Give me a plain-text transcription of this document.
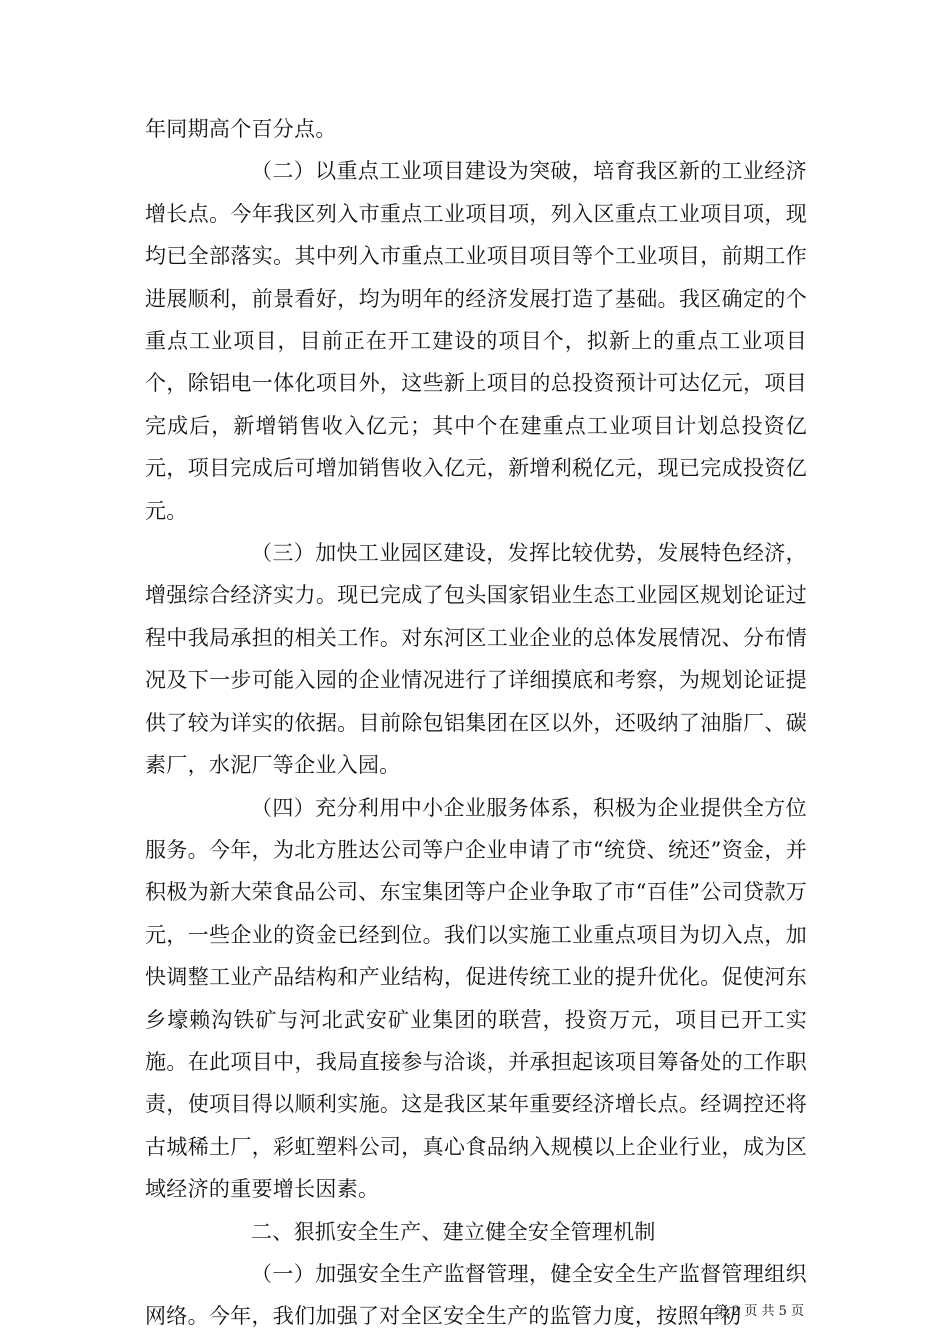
年同期高个百分点。

（二）以重点工业项目建设为突破，培育我区新的工业经济增长点。今年我区列入市重点工业项目项，列入区重点工业项目项，现均已全部落实。其中列入市重点工业项目项目等个工业项目，前期工作进展顺利，前景看好，均为明年的经济发展打造了基础。我区确定的个重点工业项目，目前正在开工建设的项目个，拟新上的重点工业项目个，除铝电一体化项目外，这些新上项目的总投资预计可达亿元，项目完成后，新增销售收入亿元；其中个在建重点工业项目计划总投资亿元，项目完成后可增加销售收入亿元，新增利税亿元，现已完成投资亿元。

（三）加快工业园区建设，发挥比较优势，发展特色经济，增强综合经济实力。现已完成了包头国家铝业生态工业园区规划论证过程中我局承担的相关工作。对东河区工业企业的总体发展情况、分布情况及下一步可能入园的企业情况进行了详细摸底和考察，为规划论证提供了较为详实的依据。目前除包铝集团在区以外，还吸纳了油脂厂、碳素厂，水泥厂等企业入园。

（四）充分利用中小企业服务体系，积极为企业提供全方位服务。今年，为北方胜达公司等户企业申请了市“统贷、统还”资金，并积极为新大荣食品公司、东宝集团等户企业争取了市“百佳”公司贷款万元，一些企业的资金已经到位。我们以实施工业重点项目为切入点，加快调整工业产品结构和产业结构，促进传统工业的提升优化。促使河东乡壕赖沟铁矿与河北武安矿业集团的联营，投资万元，项目已开工实施。在此项目中，我局直接参与洽谈，并承担起该项目筹备处的工作职责，使项目得以顺利实施。这是我区某年重要经济增长点。经调控还将古城稀土厂，彩虹塑料公司，真心食品纳入规模以上企业行业，成为区域经济的重要增长因素。

二、狠抓安全生产、建立健全安全管理机制

（一）加强安全生产监督管理，健全安全生产监督管理组织网络。今年，我们加强了对全区安全生产的监管力度，按照年初

第 2 页 共 5 页
